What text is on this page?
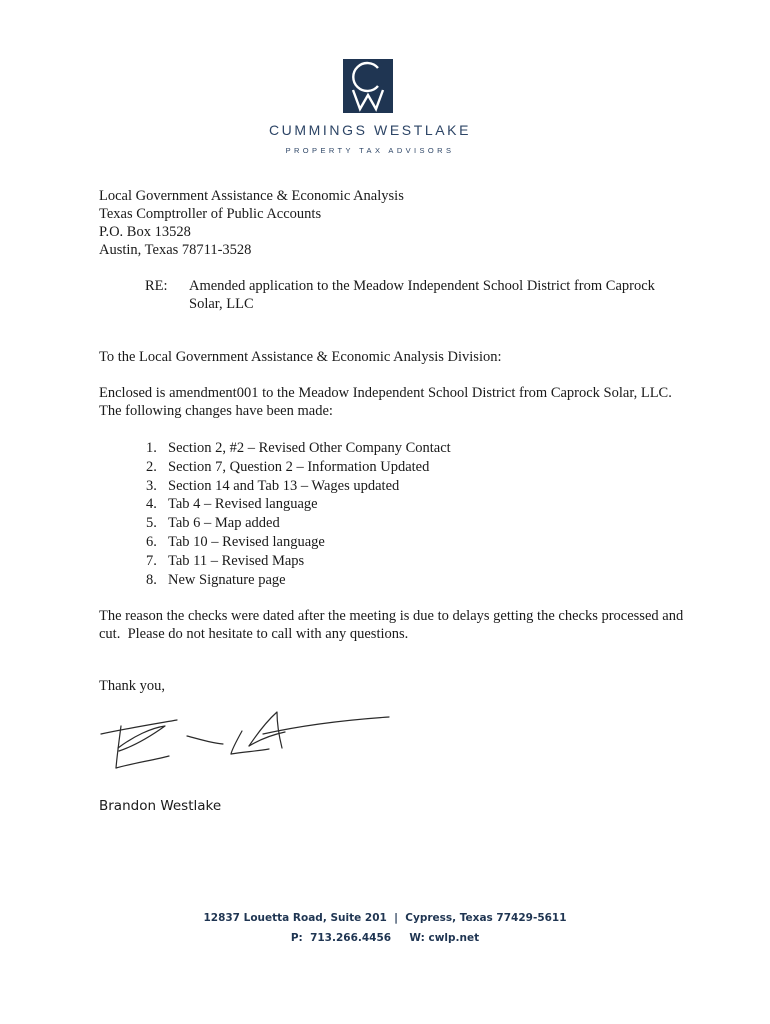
CUMMINGS WESTLAKE
PROPERTY TAX ADVISORS
Local Government Assistance & Economic Analysis
Texas Comptroller of Public Accounts
P.O. Box 13528
Austin, Texas 78711-3528
RE: Amended application to the Meadow Independent School District from Caprock
Solar, LLC
To the Local Government Assistance & Economic Analysis Division:
Enclosed is amendment001 to the Meadow Independent School District from Caprock Solar, LLC. The following changes have been made:
1. Section 2, #2 – Revised Other Company Contact
2. Section 7, Question 2 – Information Updated
3. Section 14 and Tab 13 – Wages updated
4. Tab 4 – Revised language
5. Tab 6 – Map added
6. Tab 10 – Revised language
7. Tab 11 – Revised Maps
8. New Signature page
The reason the checks were dated after the meeting is due to delays getting the checks processed and cut.  Please do not hesitate to call with any questions.
Thank you,
Brandon Westlake
12837 Louetta Road, Suite 201  |  Cypress, Texas 77429-5611
P:  713.266.4456     W: cwlp.net
